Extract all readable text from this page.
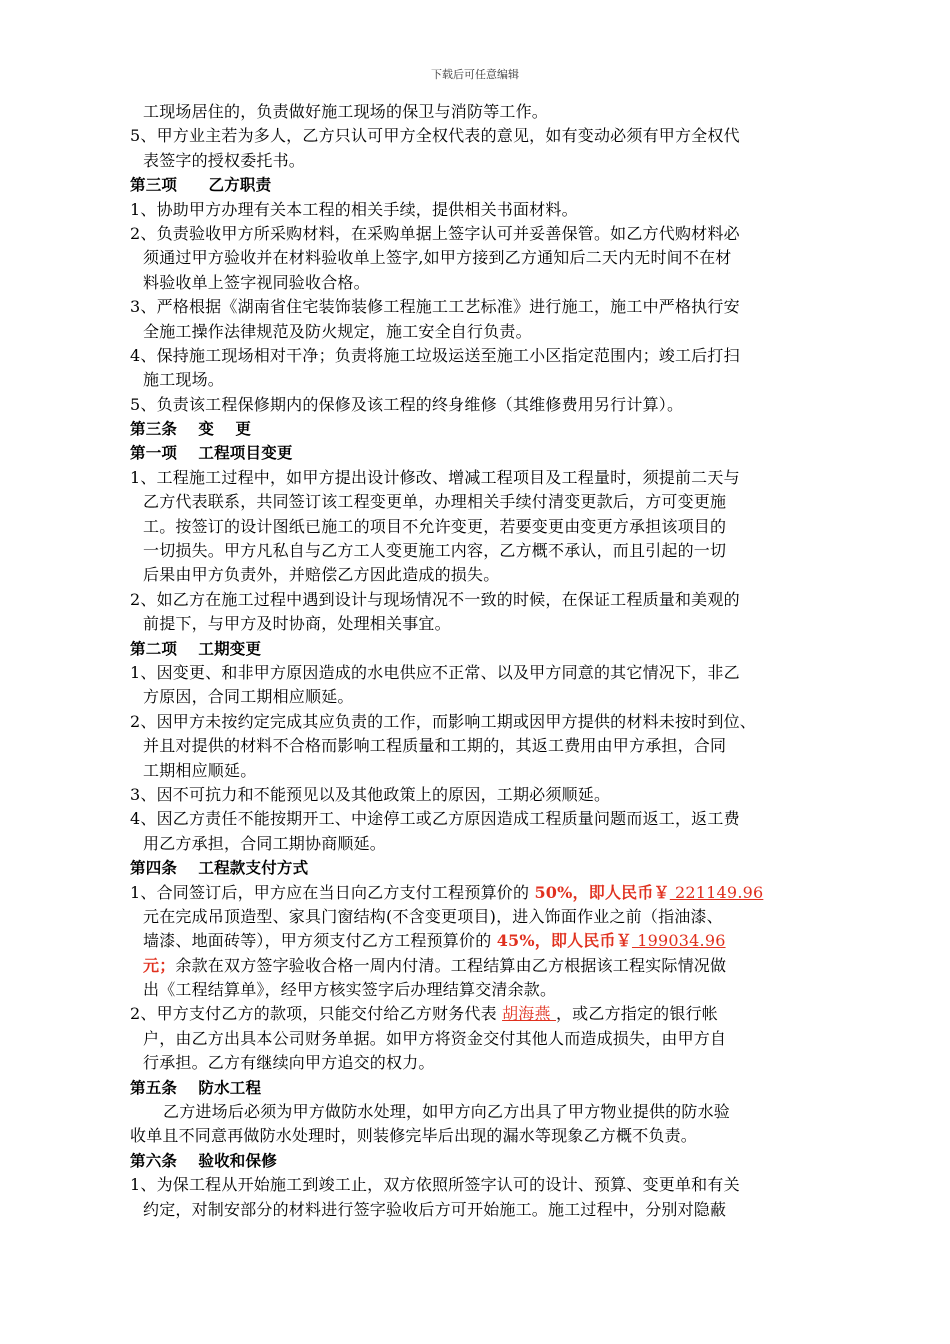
下载后可任意编辑
工现场居住的，负责做好施工现场的保卫与消防等工作。
5、甲方业主若为多人，乙方只认可甲方全权代表的意见，如有变动必须有甲方全权代
表签字的授权委托书。
第三项　　乙方职责
1、协助甲方办理有关本工程的相关手续，提供相关书面材料。
2、负责验收甲方所采购材料，在采购单据上签字认可并妥善保管。如乙方代购材料必
须通过甲方验收并在材料验收单上签字,如甲方接到乙方通知后二天内无时间不在材
料验收单上签字视同验收合格。
3、严格根据《湖南省住宅装饰装修工程施工工艺标准》进行施工，施工中严格执行安
全施工操作法律规范及防火规定，施工安全自行负责。
4、保持施工现场相对干净；负责将施工垃圾运送至施工小区指定范围内；竣工后打扫
施工现场。
5、负责该工程保修期内的保修及该工程的终身维修（其维修费用另行计算）。
第三条　 变　 更
第一项　 工程项目变更
1、工程施工过程中，如甲方提出设计修改、增减工程项目及工程量时，须提前二天与
乙方代表联系，共同签订该工程变更单，办理相关手续付清变更款后，方可变更施
工。按签订的设计图纸已施工的项目不允许变更，若要变更由变更方承担该项目的
一切损失。甲方凡私自与乙方工人变更施工内容，乙方概不承认，而且引起的一切
后果由甲方负责外，并赔偿乙方因此造成的损失。
2、如乙方在施工过程中遇到设计与现场情况不一致的时候，在保证工程质量和美观的
前提下，与甲方及时协商，处理相关事宜。
第二项　 工期变更
1、因变更、和非甲方原因造成的水电供应不正常、以及甲方同意的其它情况下，非乙
方原因，合同工期相应顺延。
2、因甲方未按约定完成其应负责的工作，而影响工期或因甲方提供的材料未按时到位、
并且对提供的材料不合格而影响工程质量和工期的，其返工费用由甲方承担，合同
工期相应顺延。
3、因不可抗力和不能预见以及其他政策上的原因，工期必须顺延。
4、因乙方责任不能按期开工、中途停工或乙方原因造成工程质量问题而返工，返工费
用乙方承担，合同工期协商顺延。
第四条　 工程款支付方式
1、合同签订后，甲方应在当日向乙方支付工程预算价的 50%，即人民币￥ 221149.96
元在完成吊顶造型、家具门窗结构(不含变更项目)，进入饰面作业之前（指油漆、
墙漆、地面砖等），甲方须支付乙方工程预算价的 45%，即人民币￥ 199034.96
元；余款在双方签字验收合格一周内付清。工程结算由乙方根据该工程实际情况做
出《工程结算单》，经甲方核实签字后办理结算交清余款。
2、甲方支付乙方的款项，只能交付给乙方财务代表 胡海燕 ，或乙方指定的银行帐
户，由乙方出具本公司财务单据。如甲方将资金交付其他人而造成损失，由甲方自
行承担。乙方有继续向甲方追交的权力。
第五条　 防水工程
乙方进场后必须为甲方做防水处理，如甲方向乙方出具了甲方物业提供的防水验
收单且不同意再做防水处理时，则装修完毕后出现的漏水等现象乙方概不负责。
第六条　 验收和保修
1、为保工程从开始施工到竣工止，双方依照所签字认可的设计、预算、变更单和有关
约定，对制安部分的材料进行签字验收后方可开始施工。施工过程中，分别对隐蔽
